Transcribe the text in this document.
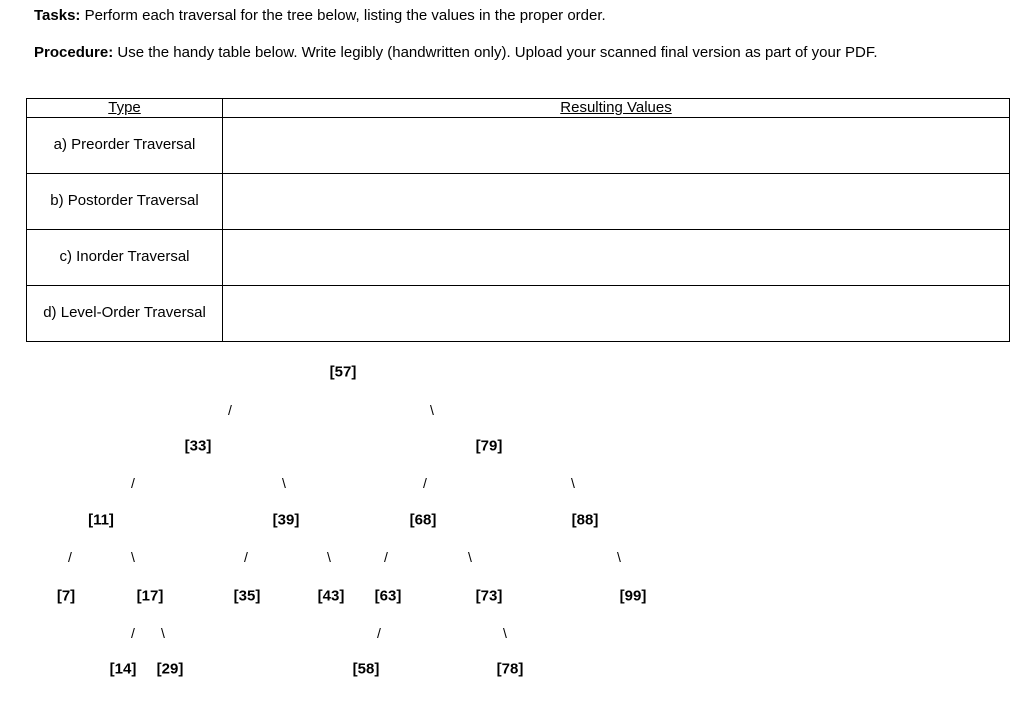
Tasks: Perform each traversal for the tree below, listing the values in the proper order.
Procedure: Use the handy table below. Write legibly (handwritten only). Upload your scanned final version as part of your PDF.
Type	Resulting Values
a) Preorder Traversal	
b) Postorder Traversal	
c) Inorder Traversal	
d) Level-Order Traversal	
[57]
[33]	[79]
[11]	[39]	[68]	[88]
[7]	[17]	[35]	[43] [63]	[73]	[99]
[14] [29]	[58]	[78]
/	\
/	\	/	\
/	\	/	\	/	\	\
/ \	/	\
